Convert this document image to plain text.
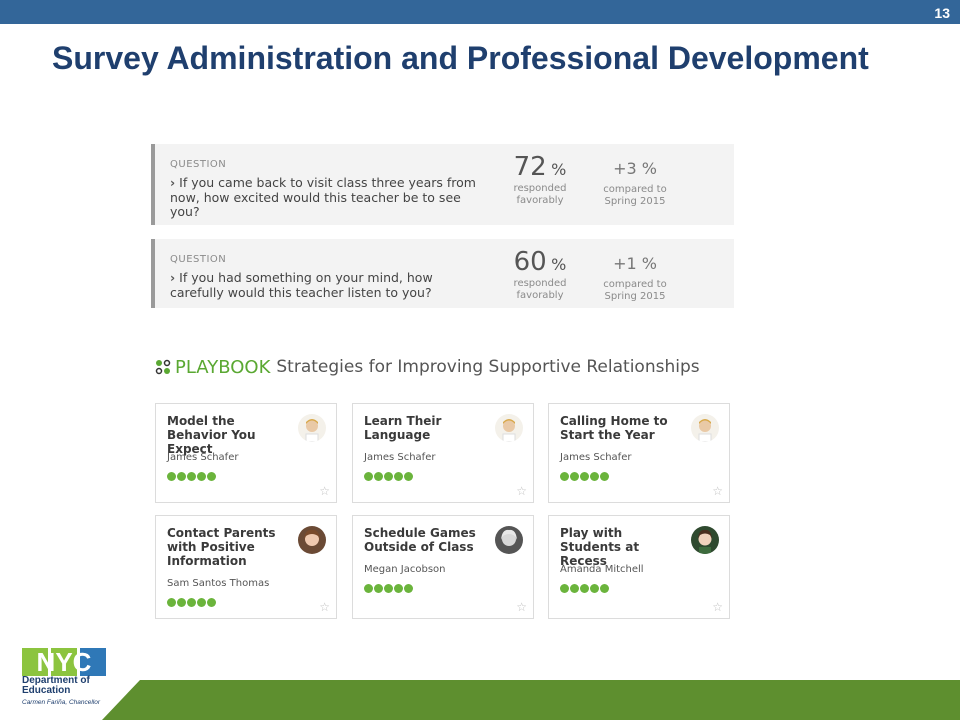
13
Survey Administration and Professional Development
QUESTION
› If you came back to visit class three years from now, how excited would this teacher be to see you?
72 %
responded
favorably
+3 %
compared to
Spring 2015
QUESTION
› If you had something on your mind, how carefully would this teacher listen to you?
60 %
responded
favorably
+1 %
compared to
Spring 2015
PLAYBOOK Strategies for Improving Supportive Relationships
Model the Behavior You Expect
James Schafer
☆
Learn Their Language
James Schafer
☆
Calling Home to Start the Year
James Schafer
☆
Contact Parents with Positive Information
Sam Santos Thomas
☆
Schedule Games Outside of Class
Megan Jacobson
☆
Play with Students at Recess
Amanda Mitchell
☆
NYC
Department of
Education
Carmen Fariña, Chancellor
